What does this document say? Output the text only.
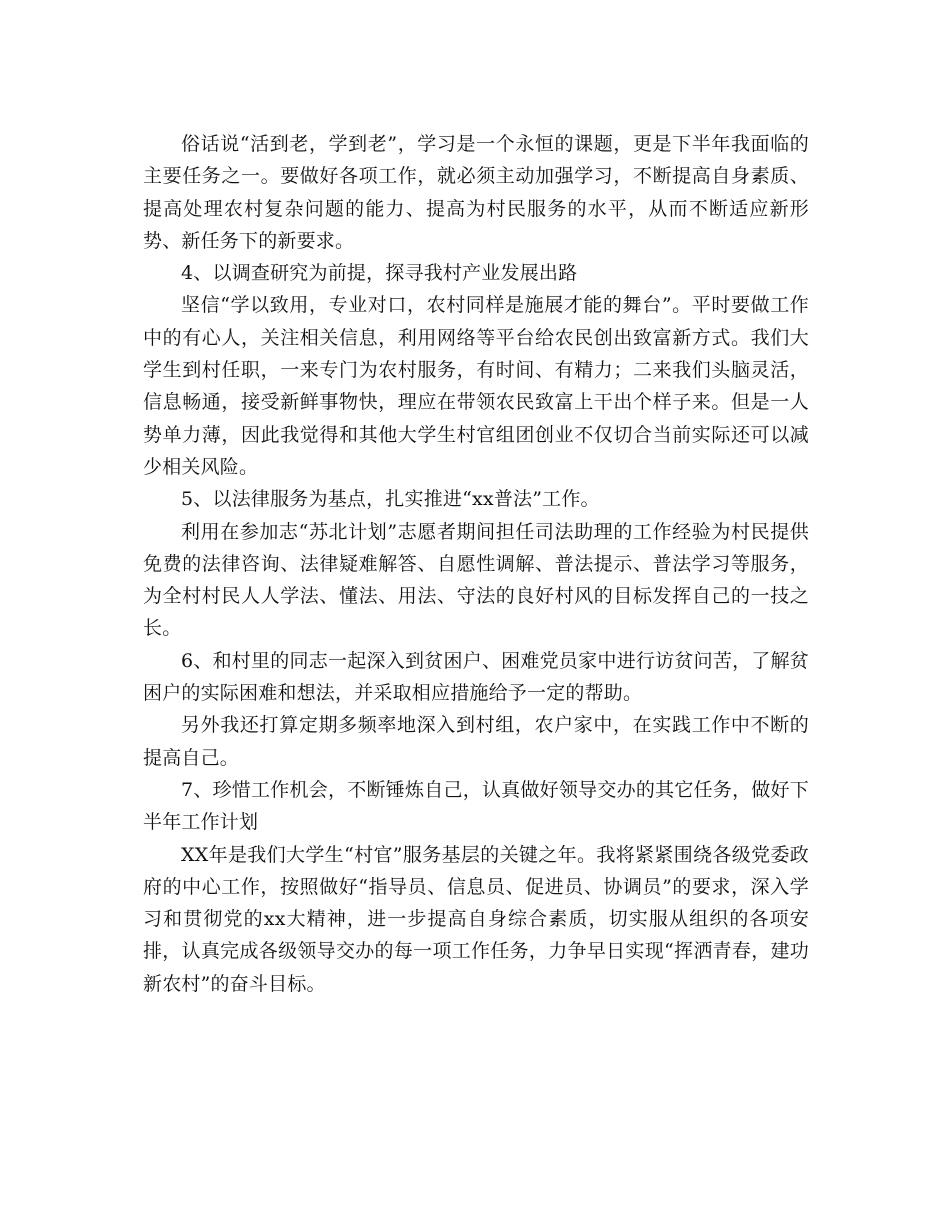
俗话说“活到老，学到老”，学习是一个永恒的课题，更是下半年我面临的主要任务之一。要做好各项工作，就必须主动加强学习，不断提高自身素质、提高处理农村复杂问题的能力、提高为村民服务的水平，从而不断适应新形势、新任务下的新要求。

4、以调查研究为前提，探寻我村产业发展出路

坚信“学以致用，专业对口，农村同样是施展才能的舞台”。平时要做工作中的有心人，关注相关信息，利用网络等平台给农民创出致富新方式。我们大学生到村任职，一来专门为农村服务，有时间、有精力；二来我们头脑灵活，信息畅通，接受新鲜事物快，理应在带领农民致富上干出个样子来。但是一人势单力薄，因此我觉得和其他大学生村官组团创业不仅切合当前实际还可以减少相关风险。

5、以法律服务为基点，扎实推进“xx普法”工作。

利用在参加志“苏北计划”志愿者期间担任司法助理的工作经验为村民提供免费的法律咨询、法律疑难解答、自愿性调解、普法提示、普法学习等服务，为全村村民人人学法、懂法、用法、守法的良好村风的目标发挥自己的一技之长。

6、和村里的同志一起深入到贫困户、困难党员家中进行访贫问苦，了解贫困户的实际困难和想法，并采取相应措施给予一定的帮助。

另外我还打算定期多频率地深入到村组，农户家中，在实践工作中不断的提高自己。

7、珍惜工作机会，不断锤炼自己，认真做好领导交办的其它任务，做好下半年工作计划

XX年是我们大学生“村官”服务基层的关键之年。我将紧紧围绕各级党委政府的中心工作，按照做好“指导员、信息员、促进员、协调员”的要求，深入学习和贯彻党的xx大精神，进一步提高自身综合素质，切实服从组织的各项安排，认真完成各级领导交办的每一项工作任务，力争早日实现“挥洒青春，建功新农村”的奋斗目标。
